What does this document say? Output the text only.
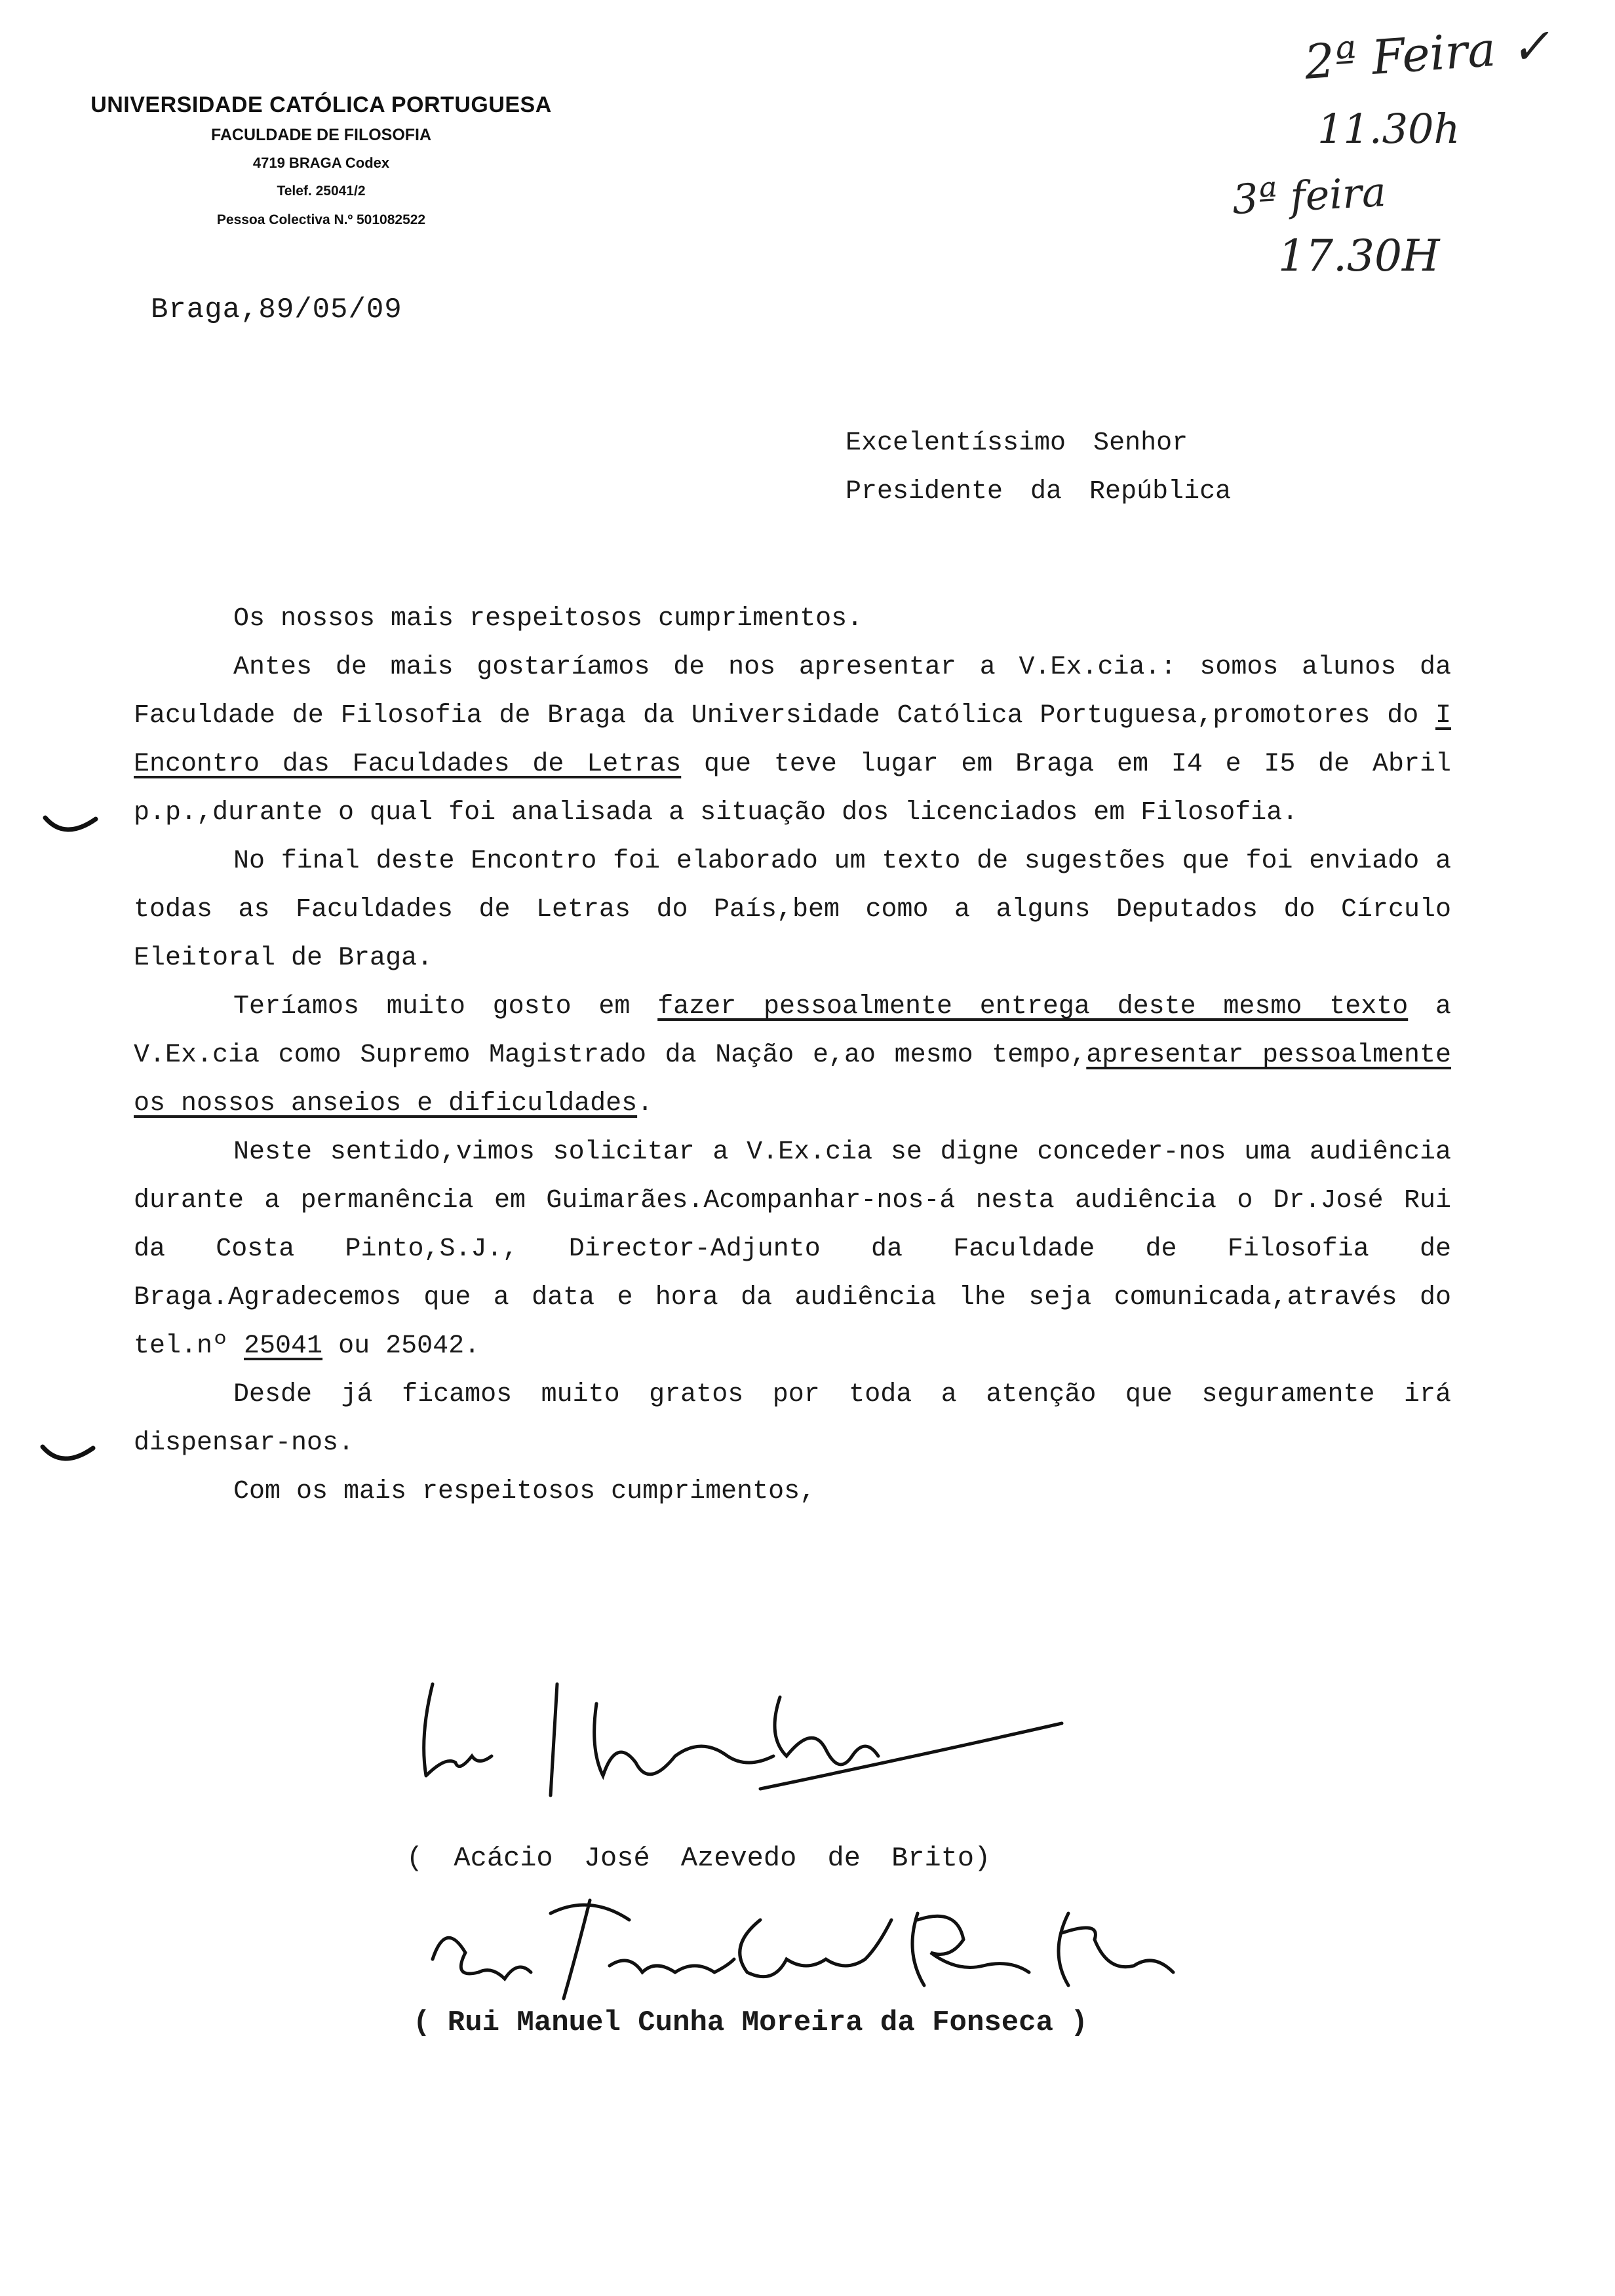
UNIVERSIDADE CATÓLICA PORTUGUESA
FACULDADE DE FILOSOFIA
4719 BRAGA Codex
Telef. 25041/2
Pessoa Colectiva N.º 501082522
2ª Feira ✓
11.30h
3ª feira
17.30H
Braga,89/05/09
Excelentíssimo Senhor
Presidente da República

Os nossos mais respeitosos cumprimentos.

Antes de mais gostaríamos de nos apresentar a V.Ex.cia.: somos alunos da Faculdade de Filosofia de Braga da Universidade Católica Portuguesa,promotores do I Encontro das Faculdades de Letras que teve lugar em Braga em I4 e I5 de Abril p.p.,durante o qual foi analisada a situação dos licenciados em Filosofia.

No final deste Encontro foi elaborado um texto de sugestões que foi enviado a todas as Faculdades de Letras do País,bem como a alguns Deputados do Círculo Eleitoral de Braga.

Teríamos muito gosto em fazer pessoalmente entrega deste mesmo texto a V.Ex.cia como Supremo Magistrado da Nação e,ao mesmo tempo,apresentar pessoalmente os nossos anseios e dificuldades.

Neste sentido,vimos solicitar a V.Ex.cia se digne conceder-nos uma audiência durante a permanência em Guimarães.Acompanhar-nos-á nesta audiência o Dr.José Rui da Costa Pinto,S.J., Director-Adjunto da Faculdade de Filosofia de Braga.Agradecemos que a data e hora da audiência lhe seja comunicada,através do tel.nº 25041 ou 25042.

Desde já ficamos muito gratos por toda a atenção que seguramente irá dispensar-nos.

Com os mais respeitosos cumprimentos,

( Acácio José Azevedo de Brito)
( Rui Manuel Cunha Moreira da Fonseca )
